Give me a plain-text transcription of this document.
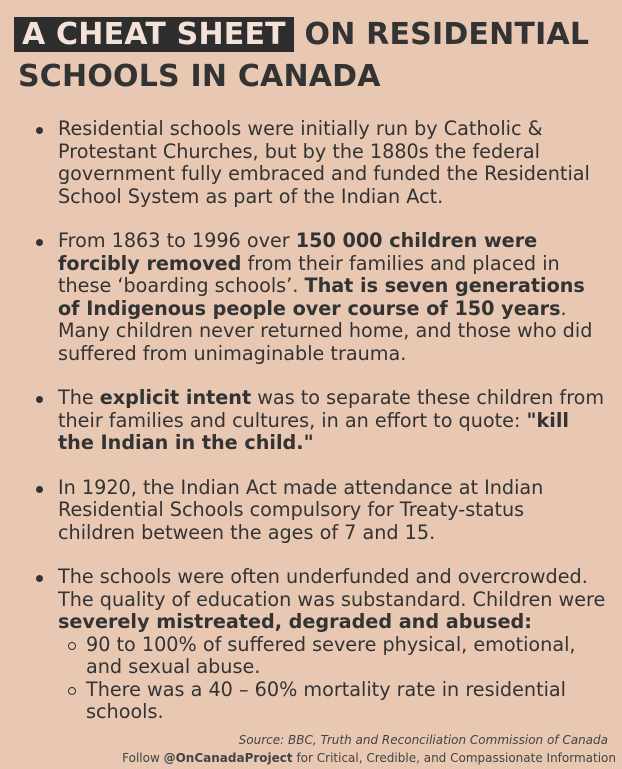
A CHEAT SHEET ON RESIDENTIAL
SCHOOLS IN CANADA
Residential schools were initially run by Catholic & Protestant Churches, but by the 1880s the federal government fully embraced and funded the Residential School System as part of the Indian Act.
From 1863 to 1996 over 150 000 children were forcibly removed from their families and placed in these ‘boarding schools’. That is seven generations of Indigenous people over course of 150 years. Many children never returned home, and those who did suffered from unimaginable trauma.
The explicit intent was to separate these children from their families and cultures, in an effort to quote: "kill the Indian in the child."
In 1920, the Indian Act made attendance at Indian Residential Schools compulsory for Treaty-status children between the ages of 7 and 15.
The schools were often underfunded and overcrowded. The quality of education was substandard. Children were severely mistreated, degraded and abused:
90 to 100% of suffered severe physical, emotional, and sexual abuse.
There was a 40 – 60% mortality rate in residential schools.
Source: BBC, Truth and Reconciliation Commission of Canada
Follow @OnCanadaProject for Critical, Credible, and Compassionate Information
